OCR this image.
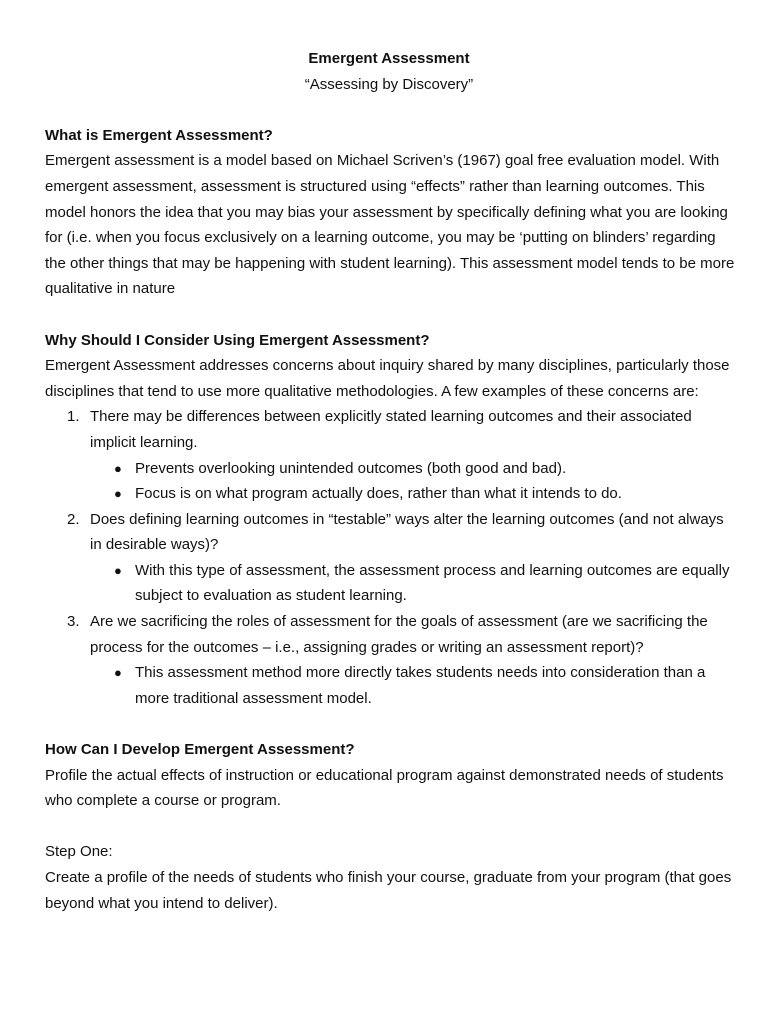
Emergent Assessment
“Assessing by Discovery”
What is Emergent Assessment?

Emergent assessment is a model based on Michael Scriven’s (1967) goal free evaluation model. With emergent assessment, assessment is structured using “effects” rather than learning outcomes. This model honors the idea that you may bias your assessment by specifically defining what you are looking for (i.e. when you focus exclusively on a learning outcome, you may be ‘putting on blinders’ regarding the other things that may be happening with student learning). This assessment model tends to be more qualitative in nature

Why Should I Consider Using Emergent Assessment?

Emergent Assessment addresses concerns about inquiry shared by many disciplines, particularly those disciplines that tend to use more qualitative methodologies. A few examples of these concerns are:

1. There may be differences between explicitly stated learning outcomes and their associated implicit learning.
● Prevents overlooking unintended outcomes (both good and bad).
● Focus is on what program actually does, rather than what it intends to do.
2. Does defining learning outcomes in “testable” ways alter the learning outcomes (and not always in desirable ways)?
● With this type of assessment, the assessment process and learning outcomes are equally subject to evaluation as student learning.
3. Are we sacrificing the roles of assessment for the goals of assessment (are we sacrificing the process for the outcomes – i.e., assigning grades or writing an assessment report)?
● This assessment method more directly takes students needs into consideration than a more traditional assessment model.
How Can I Develop Emergent Assessment?

Profile the actual effects of instruction or educational program against demonstrated needs of students who complete a course or program.

Step One:

Create a profile of the needs of students who finish your course, graduate from your program (that goes beyond what you intend to deliver).
